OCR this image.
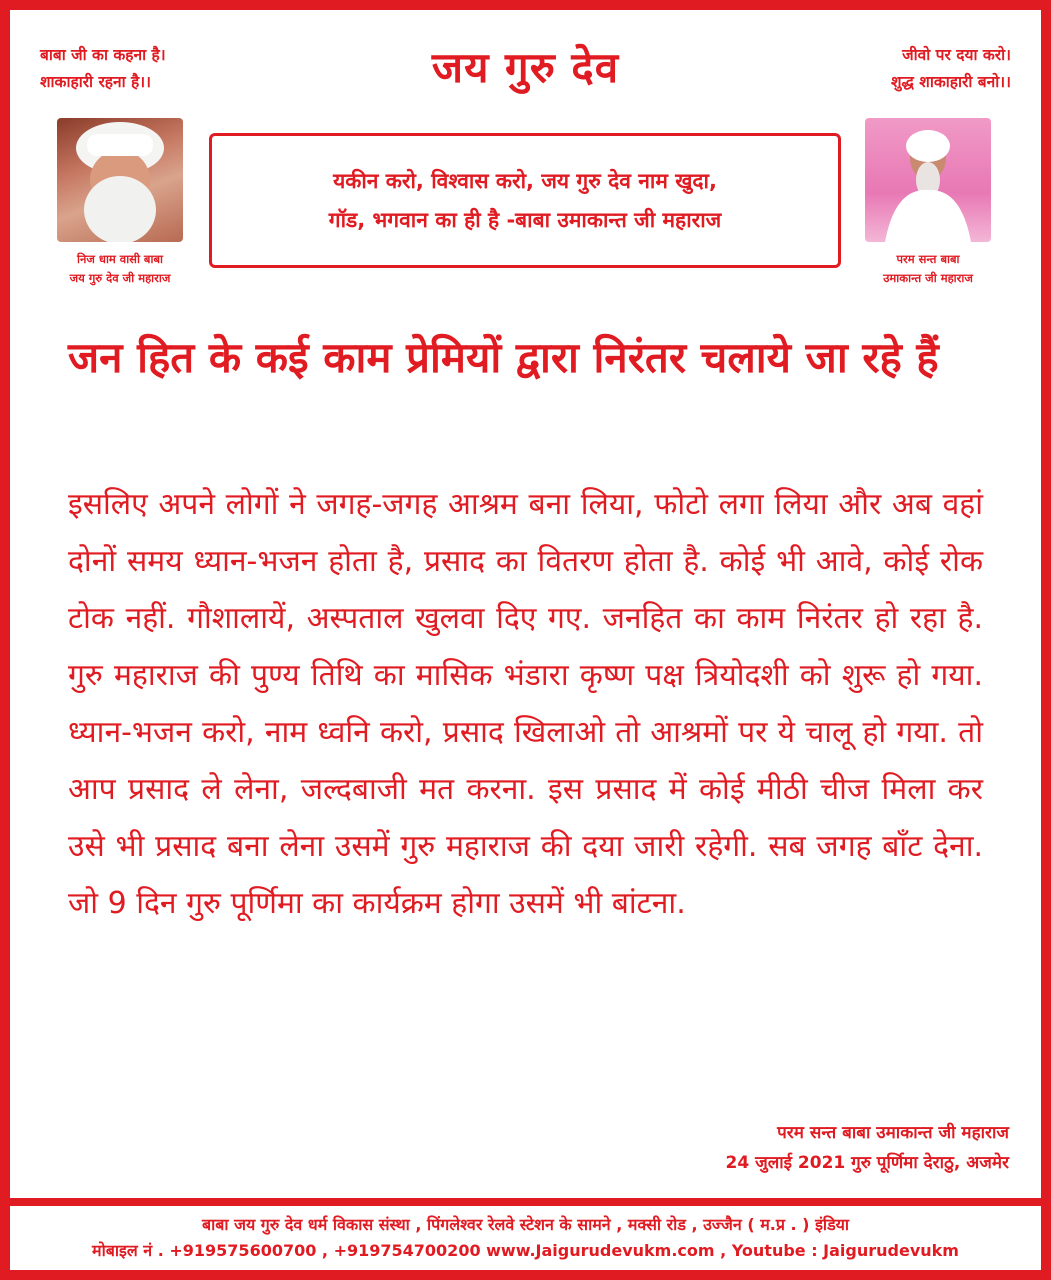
बाबा जी का कहना है।
शाकाहारी रहना है।।	जय गुरु देव	जीवो पर दया करो।
शुद्ध शाकाहारी बनो।।
निज धाम वासी बाबा
जय गुरु देव जी महाराज
यकीन करो, विश्वास करो, जय गुरु देव नाम खुदा,
गॉड, भगवान का ही है -बाबा उमाकान्त जी महाराज
परम सन्त बाबा
उमाकान्त जी महाराज
जन हित के कई काम प्रेमियों द्वारा निरंतर चलाये जा रहे हैं
इसलिए अपने लोगों ने जगह-जगह आश्रम बना लिया, फोटो लगा लिया और अब वहां दोनों समय ध्यान-भजन होता है, प्रसाद का वितरण होता है. कोई भी आवे, कोई रोक टोक नहीं. गौशालायें, अस्पताल खुलवा दिए गए. जनहित का काम निरंतर हो रहा है. गुरु महाराज की पुण्य तिथि का मासिक भंडारा कृष्ण पक्ष त्रियोदशी को शुरू हो गया. ध्यान-भजन करो, नाम ध्वनि करो, प्रसाद खिलाओ तो आश्रमों पर ये चालू हो गया. तो आप प्रसाद ले लेना, जल्दबाजी मत करना. इस प्रसाद में कोई मीठी चीज मिला कर उसे भी प्रसाद बना लेना उसमें गुरु महाराज की दया जारी रहेगी. सब जगह बाँट देना. जो 9 दिन गुरु पूर्णिमा का कार्यक्रम होगा उसमें भी बांटना.
परम सन्त बाबा उमाकान्त जी महाराज
24 जुलाई 2021 गुरु पूर्णिमा देराठु, अजमेर
बाबा जय गुरु देव धर्म विकास संस्था , पिंगलेश्वर रेलवे स्टेशन के सामने , मक्सी रोड , उज्जैन ( म.प्र . ) इंडिया
मोबाइल नं . +919575600700 , +919754700200 www.Jaigurudevukm.com , Youtube : Jaigurudevukm
